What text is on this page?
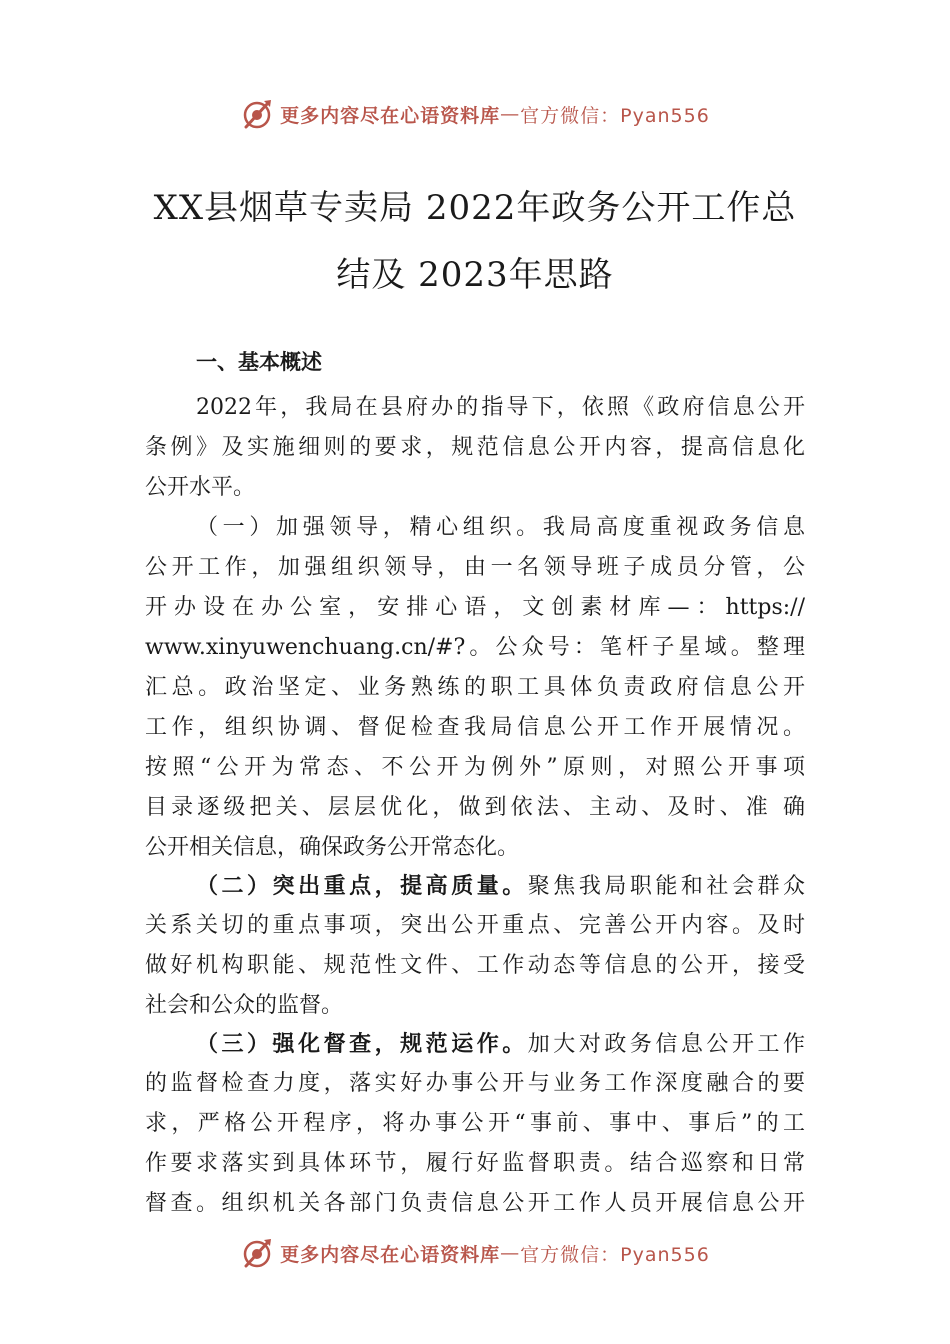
更多内容尽在心语资料库 — 官方微信：Pyan556
XX县烟草专卖局 2022年政务公开工作总
结及 2023年思路
一、基本概述
2022年，我局在县府办的指导下，依照《政府信息公开
条例》及实施细则的要求，规范信息公开内容，提高信息化
公开水平。
（一）加强领导，精心组织。我局高度重视政务信息
公开工作，加强组织领导，由一名领导班子成员分管，公
开办设在办公室，安排心语，文创素材库—：https://
www.xinyuwenchuang.cn/#?。公众号：笔杆子星域。整理
汇总。政治坚定、业务熟练的职工具体负责政府信息公开
工作，组织协调、督促检查我局信息公开工作开展情况。
按照“公开为常态、不公开为例外”原则，对照公开事项
目录逐级把关、层层优化，做到依法、主动、及时、准 确
公开相关信息，确保政务公开常态化。
（二）突出重点，提高质量。聚焦我局职能和社会群众
关系关切的重点事项，突出公开重点、完善公开内容。及时
做好机构职能、规范性文件、工作动态等信息的公开，接受
社会和公众的监督。
（三）强化督查，规范运作。加大对政务信息公开工作
的监督检查力度，落实好办事公开与业务工作深度融合的要
求，严格公开程序，将办事公开“事前、事中、事后”的工
作要求落实到具体环节，履行好监督职责。结合巡察和日常
督查。组织机关各部门负责信息公开工作人员开展信息公开
更多内容尽在心语资料库 — 官方微信：Pyan556
